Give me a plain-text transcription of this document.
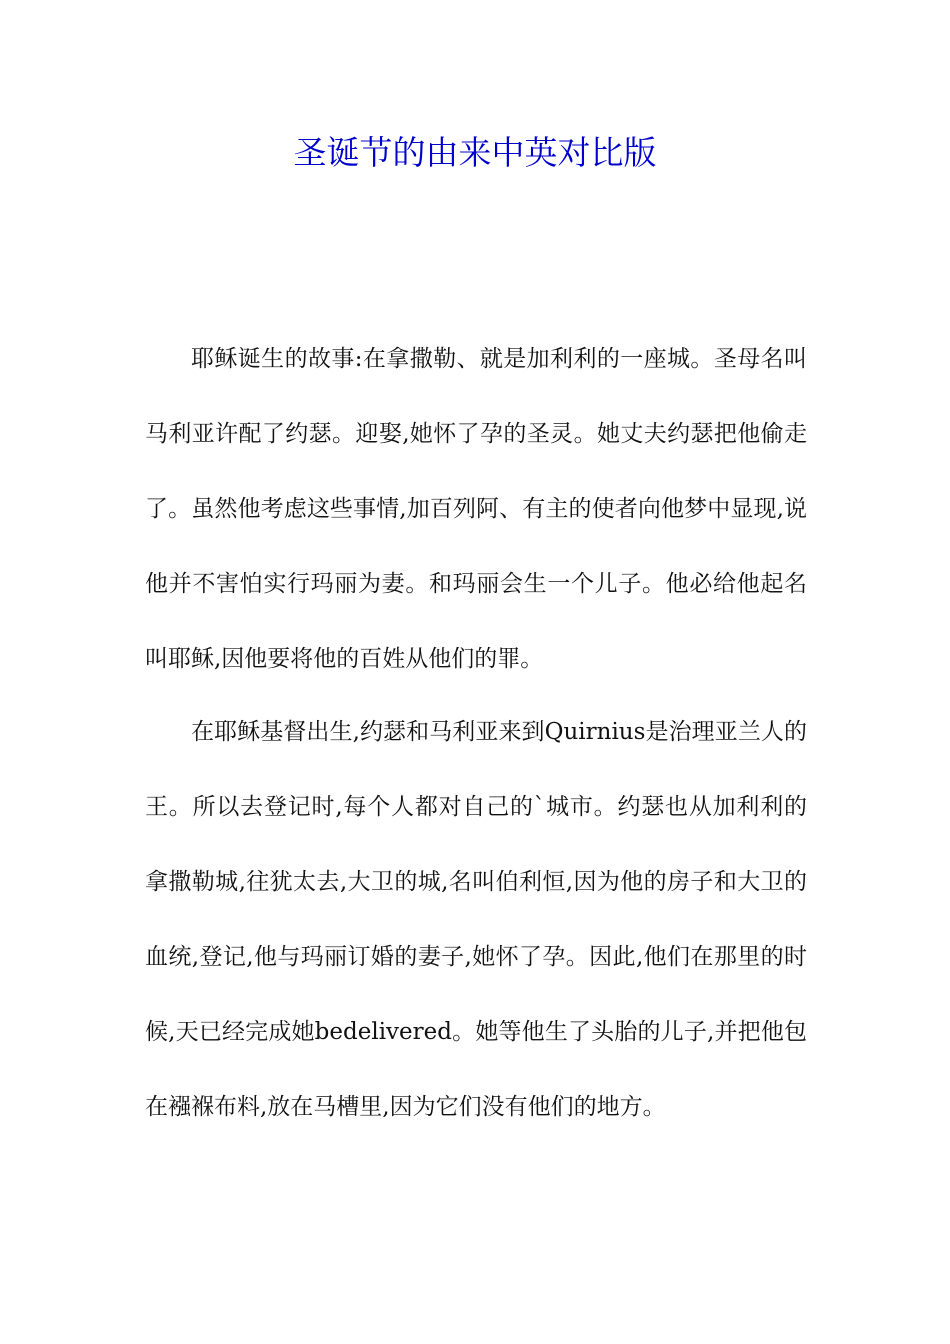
圣诞节的由来中英对比版

耶稣诞生的故事:在拿撒勒、就是加利利的一座城。圣母名叫马利亚许配了约瑟。迎娶,她怀了孕的圣灵。她丈夫约瑟把他偷走了。虽然他考虑这些事情,加百列阿、有主的使者向他梦中显现,说他并不害怕实行玛丽为妻。和玛丽会生一个儿子。他必给他起名叫耶稣,因他要将他的百姓从他们的罪。

在耶稣基督出生,约瑟和马利亚来到Quirnius是治理亚兰人的王。所以去登记时,每个人都对自己的`城市。约瑟也从加利利的拿撒勒城,往犹太去,大卫的城,名叫伯利恒,因为他的房子和大卫的血统,登记,他与玛丽订婚的妻子,她怀了孕。因此,他们在那里的时候,天已经完成她bedelivered。她等他生了头胎的儿子,并把他包在襁褓布料,放在马槽里,因为它们没有他们的地方。
